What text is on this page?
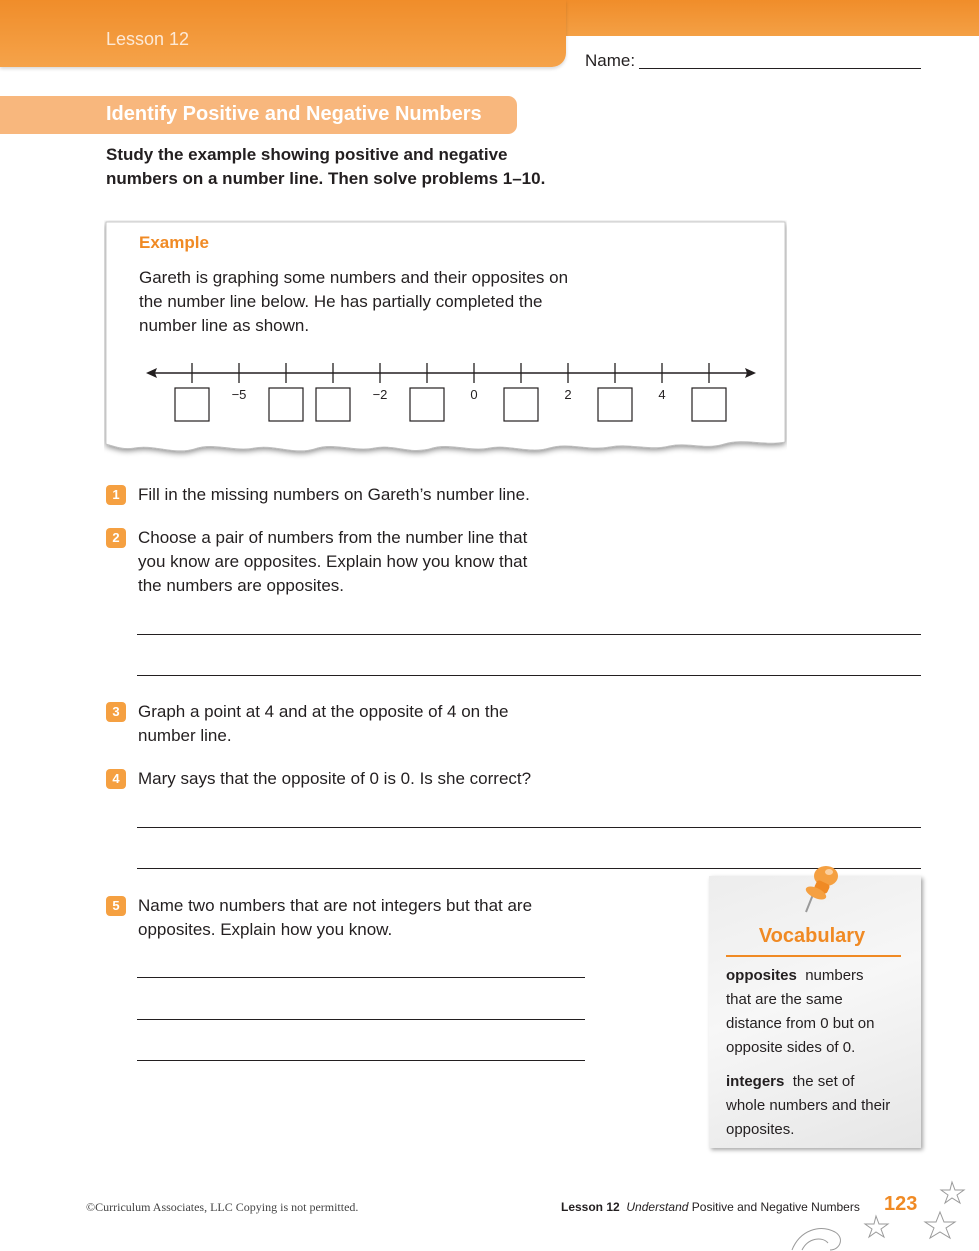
Lesson 12
Name:
Identify Positive and Negative Numbers
Study the example showing positive and negative
numbers on a number line. Then solve problems 1–10.
Example
Gareth is graphing some numbers and their opposites on
the number line below. He has partially completed the
number line as shown.
−5	−2	0	2	4
1	Fill in the missing numbers on Gareth’s number line.
2	Choose a pair of numbers from the number line that
you know are opposites. Explain how you know that
the numbers are opposites.
3	Graph a point at 4 and at the opposite of 4 on the
number line.
4	Mary says that the opposite of 0 is 0. Is she correct?
5	Name two numbers that are not integers but that are
opposites. Explain how you know.	Vocabulary
opposites numbers
that are the same
distance from 0 but on
opposite sides of 0.
integers the set of
whole numbers and their
opposites.
©Curriculum Associates, LLC Copying is not permitted.	Lesson 12 Understand Positive and Negative Numbers 123
